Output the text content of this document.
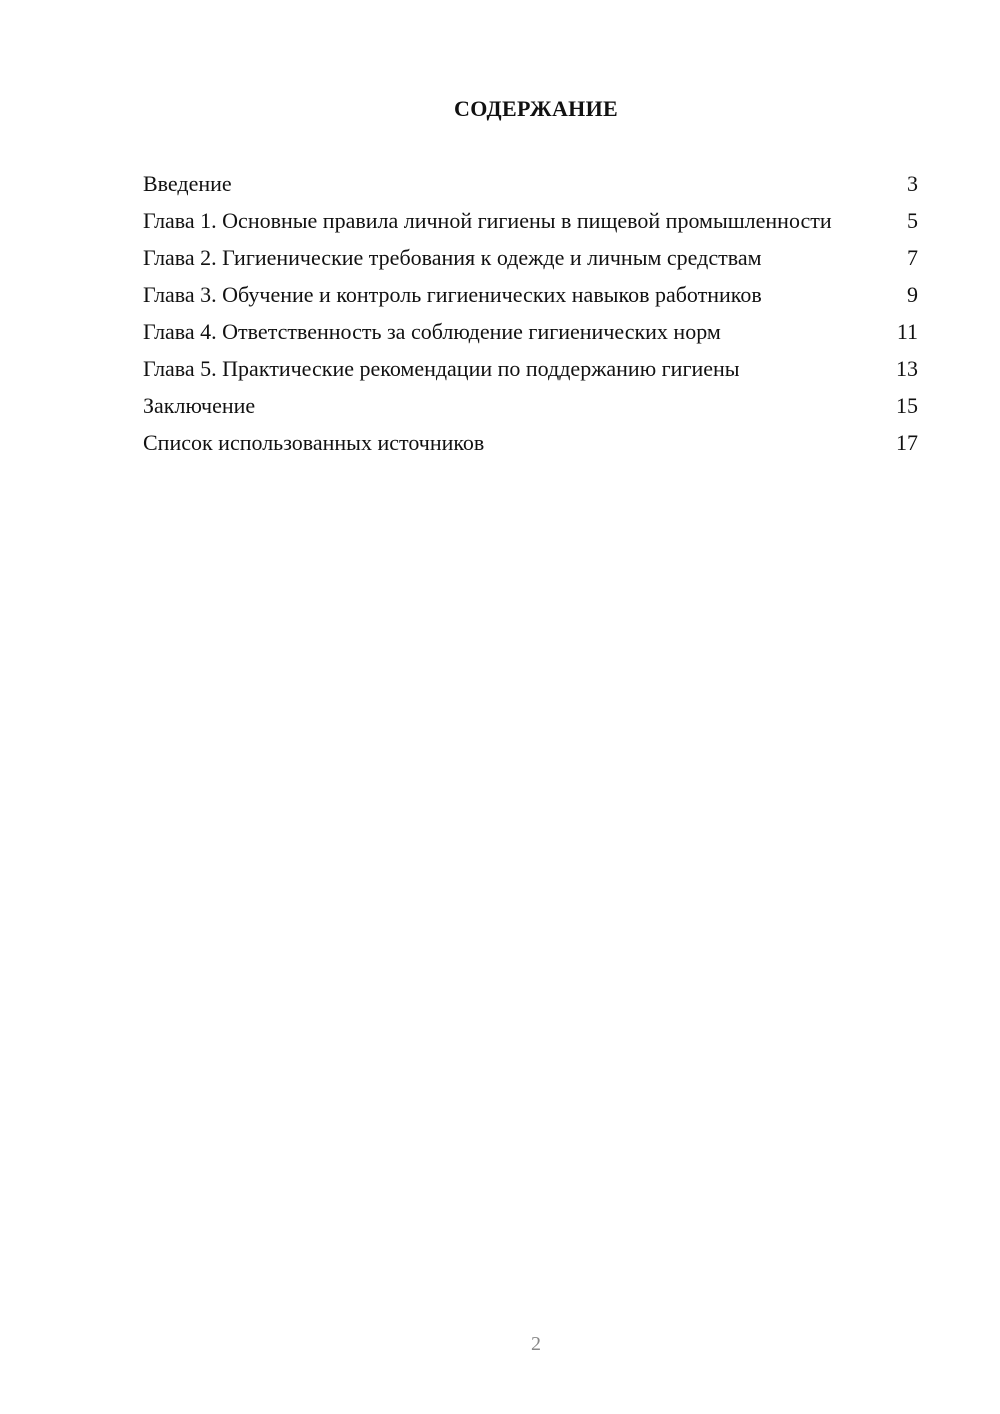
СОДЕРЖАНИЕ
Введение	3
Глава 1. Основные правила личной гигиены в пищевой промышленности	5
Глава 2. Гигиенические требования к одежде и личным средствам	7
Глава 3. Обучение и контроль гигиенических навыков работников	9
Глава 4. Ответственность за соблюдение гигиенических норм	11
Глава 5. Практические рекомендации по поддержанию гигиены	13
Заключение	15
Список использованных источников	17
2
